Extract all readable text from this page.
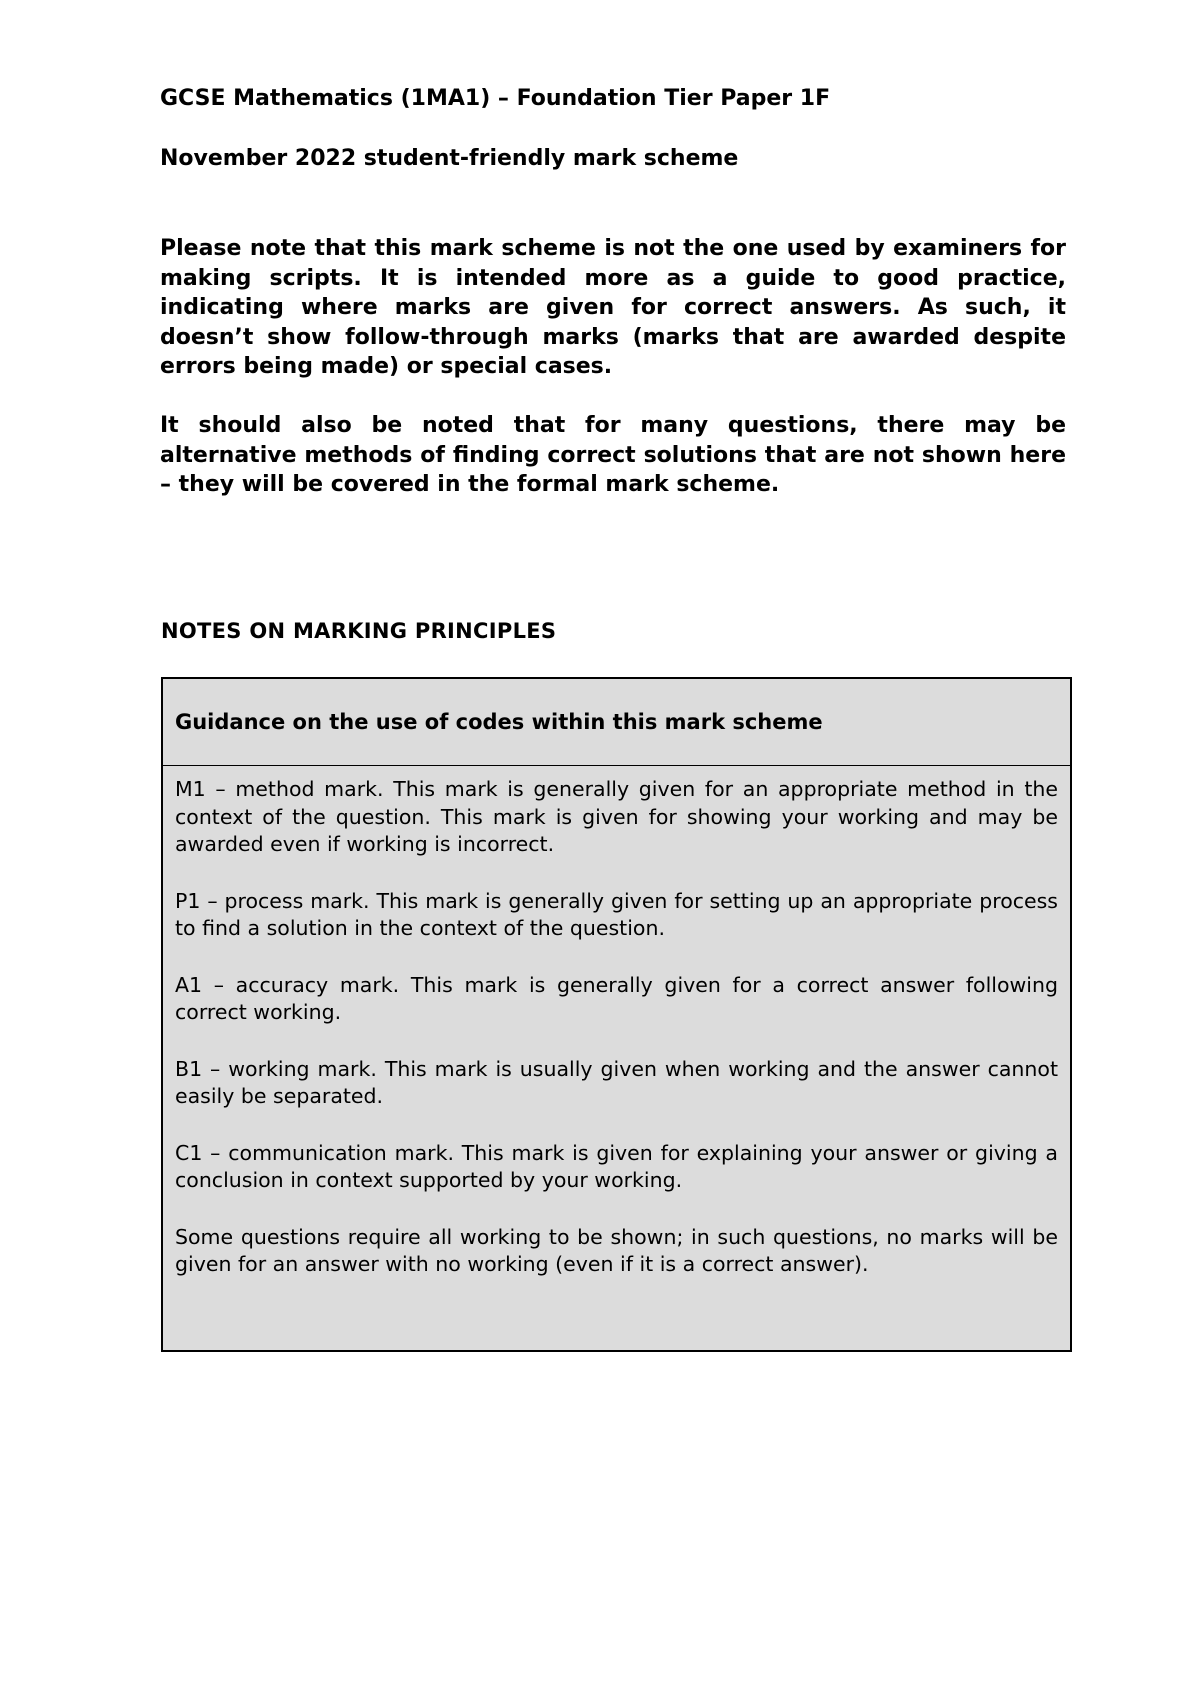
GCSE Mathematics (1MA1) – Foundation Tier Paper 1F
November 2022 student-friendly mark scheme
Please note that this mark scheme is not the one used by examiners for making scripts. It is intended more as a guide to good practice, indicating where marks are given for correct answers. As such, it doesn’t show follow-through marks (marks that are awarded despite errors being made) or special cases.
It should also be noted that for many questions, there may be alternative methods of finding correct solutions that are not shown here – they will be covered in the formal mark scheme.
NOTES ON MARKING PRINCIPLES
Guidance on the use of codes within this mark scheme

M1 – method mark. This mark is generally given for an appropriate method in the context of the question. This mark is given for showing your working and may be awarded even if working is incorrect.

P1 – process mark. This mark is generally given for setting up an appropriate process to find a solution in the context of the question.

A1 – accuracy mark. This mark is generally given for a correct answer following correct working.

B1 – working mark. This mark is usually given when working and the answer cannot easily be separated.

C1 – communication mark. This mark is given for explaining your answer or giving a conclusion in context supported by your working.

Some questions require all working to be shown; in such questions, no marks will be given for an answer with no working (even if it is a correct answer).
